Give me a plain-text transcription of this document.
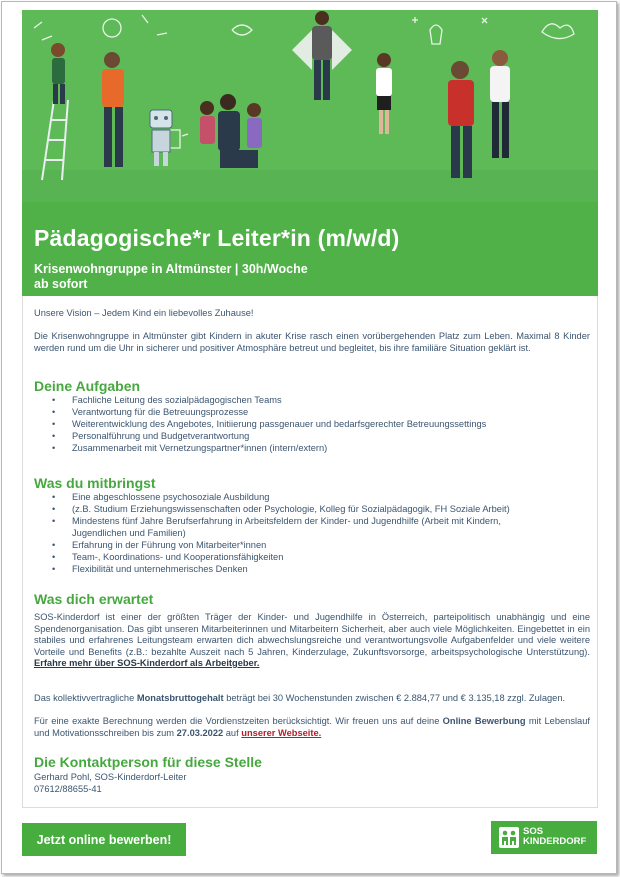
Pädagogische*r Leiter*in (m/w/d)
Krisenwohngruppe in Altmünster | 30h/Woche
ab sofort

Unsere Vision – Jedem Kind ein liebevolles Zuhause!

Die Krisenwohngruppe in Altmünster gibt Kindern in akuter Krise rasch einen vorübergehenden Platz zum Leben. Maximal 8 Kinder werden rund um die Uhr in sicherer und positiver Atmosphäre betreut und begleitet, bis ihre familiäre Situation geklärt ist.

Deine Aufgaben
• Fachliche Leitung des sozialpädagogischen Teams
• Verantwortung für die Betreuungsprozesse
• Weiterentwicklung des Angebotes, Initiierung passgenauer und bedarfsgerechter Betreuungssettings
• Personalführung und Budgetverantwortung
• Zusammenarbeit mit Vernetzungspartner*innen (intern/extern)
Was du mitbringst
• Eine abgeschlossene psychosoziale Ausbildung
• (z.B. Studium Erziehungswissenschaften oder Psychologie, Kolleg für Sozialpädagogik, FH Soziale Arbeit)
• Mindestens fünf Jahre Berufserfahrung in Arbeitsfeldern der Kinder- und Jugendhilfe (Arbeit mit Kindern, Jugendlichen und Familien)
• Erfahrung in der Führung von Mitarbeiter*innen
• Team-, Koordinations- und Kooperationsfähigkeiten
• Flexibilität und unternehmerisches Denken
Was dich erwartet

SOS-Kinderdorf ist einer der größten Träger der Kinder- und Jugendhilfe in Österreich, parteipolitisch unabhängig und eine Spendenorganisation. Das gibt unseren Mitarbeiterinnen und Mitarbeitern Sicherheit, aber auch viele Möglichkeiten. Eingebettet in ein stabiles und erfahrenes Leitungsteam erwarten dich abwechslungsreiche und verantwortungsvolle Aufgabenfelder und viele weitere Vorteile und Benefits (z.B.: bezahlte Auszeit nach 5 Jahren, Kinderzulage, Zukunftsvorsorge, arbeitspsychologische Unterstützung). Erfahre mehr über SOS-Kinderdorf als Arbeitgeber.

Das kollektivvertragliche Monatsbruttogehalt beträgt bei 30 Wochenstunden zwischen € 2.884,77 und € 3.135,18 zzgl. Zulagen.

Für eine exakte Berechnung werden die Vordienstzeiten berücksichtigt. Wir freuen uns auf deine Online Bewerbung mit Lebenslauf und Motivationsschreiben bis zum 27.03.2022 auf unserer Webseite.

Die Kontaktperson für diese Stelle

Gerhard Pohl, SOS-Kinderdorf-Leiter

07612/88655-41

Jetzt online bewerben!
SOS
KINDERDORF
